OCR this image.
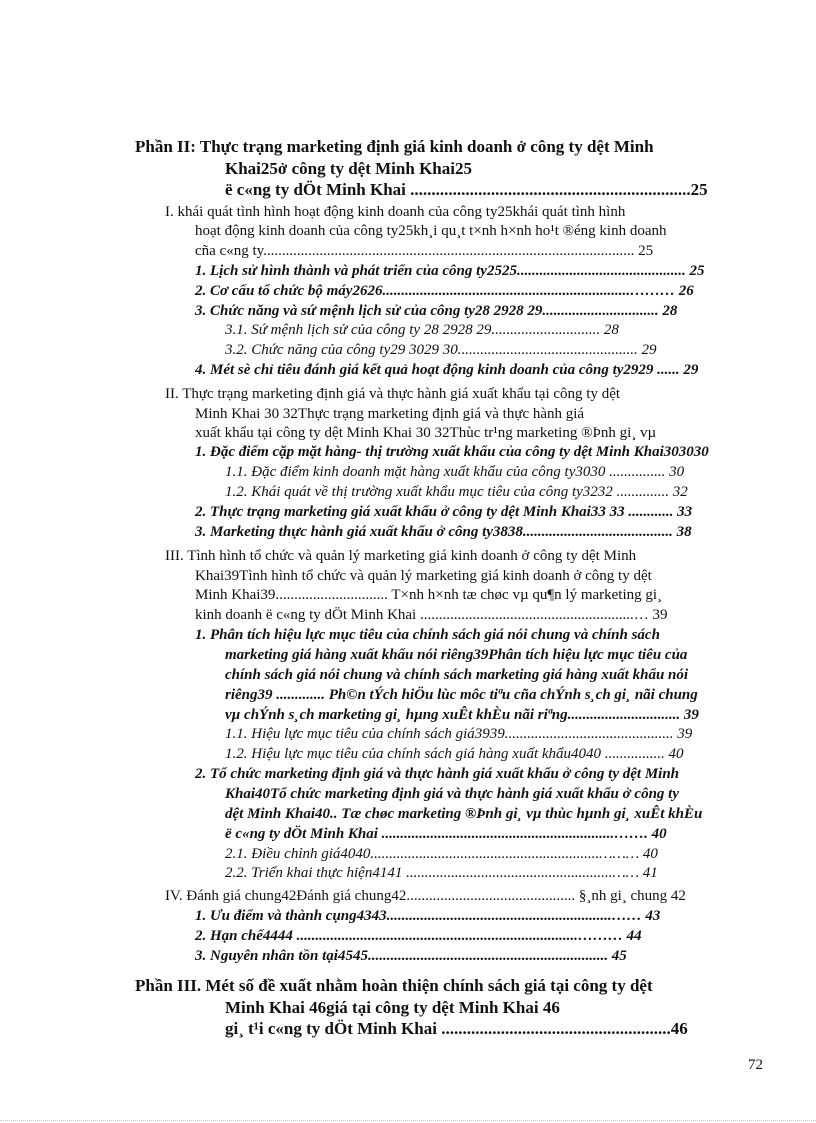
Phần II: Thực trạng marketing định giá kinh doanh ở công ty dệt Minh
Khai25ở công ty dệt Minh Khai25
ë c«ng ty dÖt Minh Khai ..................................................................25
I. khái quát tình hình hoạt động kinh doanh của công ty25khái quát tình hình
hoạt động kinh doanh của công ty25kh¸i qu¸t t×nh h×nh ho¹t ®éng kinh doanh
cña c«ng ty................................................................................................... 25
1. Lịch sử hình thành và phát triển của công ty2525............................................. 25
2. Cơ cấu tổ chức bộ máy2626..................................................................……… 26
3. Chức năng và sứ mệnh lịch sử của công ty28 2928 29............................... 28
3.1. Sứ mệnh lịch sử của công ty 28 2928 29............................. 28
3.2. Chức năng của công ty29 3029 30................................................ 29
4. Mét sè chỉ tiêu đánh giá kết quả hoạt động kinh doanh của công ty2929 ...... 29
II. Thực trạng marketing định giá và thực hành giá xuất khẩu tại công ty dệt
Minh Khai 30 32Thực trạng marketing định giá và thực hành giá
xuất khẩu tại công ty dệt Minh Khai 30 32Thùc tr¹ng marketing ®Þnh gi¸ vµ
1. Đặc điểm cặp mặt hàng- thị trường xuất khẩu của công ty dệt Minh Khai303030
1.1. Đặc điểm kinh doanh mặt hàng xuất khẩu của công ty3030 ............... 30
1.2. Khái quát về thị trường xuất khẩu mục tiêu của công ty3232 .............. 32
2. Thực trạng marketing giá xuất khẩu ở công ty dệt Minh Khai33 33 ............ 33
3. Marketing thực hành giá xuất khẩu ở công ty3838........................................ 38
III. Tình hình tổ chức và quản lý marketing giá kinh doanh ở công ty dệt Minh
Khai39Tình hình tổ chức và quản lý marketing giá kinh doanh ở công ty dệt
Minh Khai39.............................. T×nh h×nh tæ chøc vµ qu¶n lý marketing gi¸
kinh doanh ë c«ng ty dÖt Minh Khai .........................................................… 39
1. Phân tích hiệu lực mục tiêu của chính sách giá nói chung và chính sách
marketing giá hàng xuất khẩu nói riêng39Phân tích hiệu lực mục tiêu của
chính sách giá nói chung và chính sách marketing giá hàng xuất khẩu nói
riêng39 ............. Ph©n tÝch hiÖu lùc môc tiªu cña chÝnh s¸ch gi¸ nãi chung
vµ chÝnh s¸ch marketing gi¸ hµng xuÊt khÈu nãi riªng.............................. 39
1.1. Hiệu lực mục tiêu của chính sách giá3939............................................. 39
1.2. Hiệu lực mục tiêu của chính sách giá hàng xuất khẩu4040 ................ 40
2. Tổ chức marketing định giá và thực hành giá xuất khẩu ở công ty dệt Minh
Khai40Tổ chức marketing định giá và thực hành giá xuất khẩu ở công ty
dệt Minh Khai40.. Tæ chøc marketing ®Þnh gi¸ vµ thùc hµnh gi¸ xuÊt khÈu
ë c«ng ty dÖt Minh Khai ..............................................................……. 40
2.1. Điều chỉnh giá4040.............................................................……… 40
2.2. Triển khai thực hiện4141 .......................................................…… 41
IV. Đánh giá chung42Đánh giá chung42............................................. §¸nh gi¸ chung 42
1. Ưu điểm và thành cụng4343............................................................…… 43
2. Hạn chế4444 ...........................................................................……… 44
3. Nguyên nhân tồn tại4545................................................................ 45
Phần III. Mét số đề xuất nhằm hoàn thiện chính sách giá tại công ty dệt
Minh Khai 46giá tại công ty dệt Minh Khai 46
gi¸ t¹i c«ng ty dÖt Minh Khai ......................................................46
72
